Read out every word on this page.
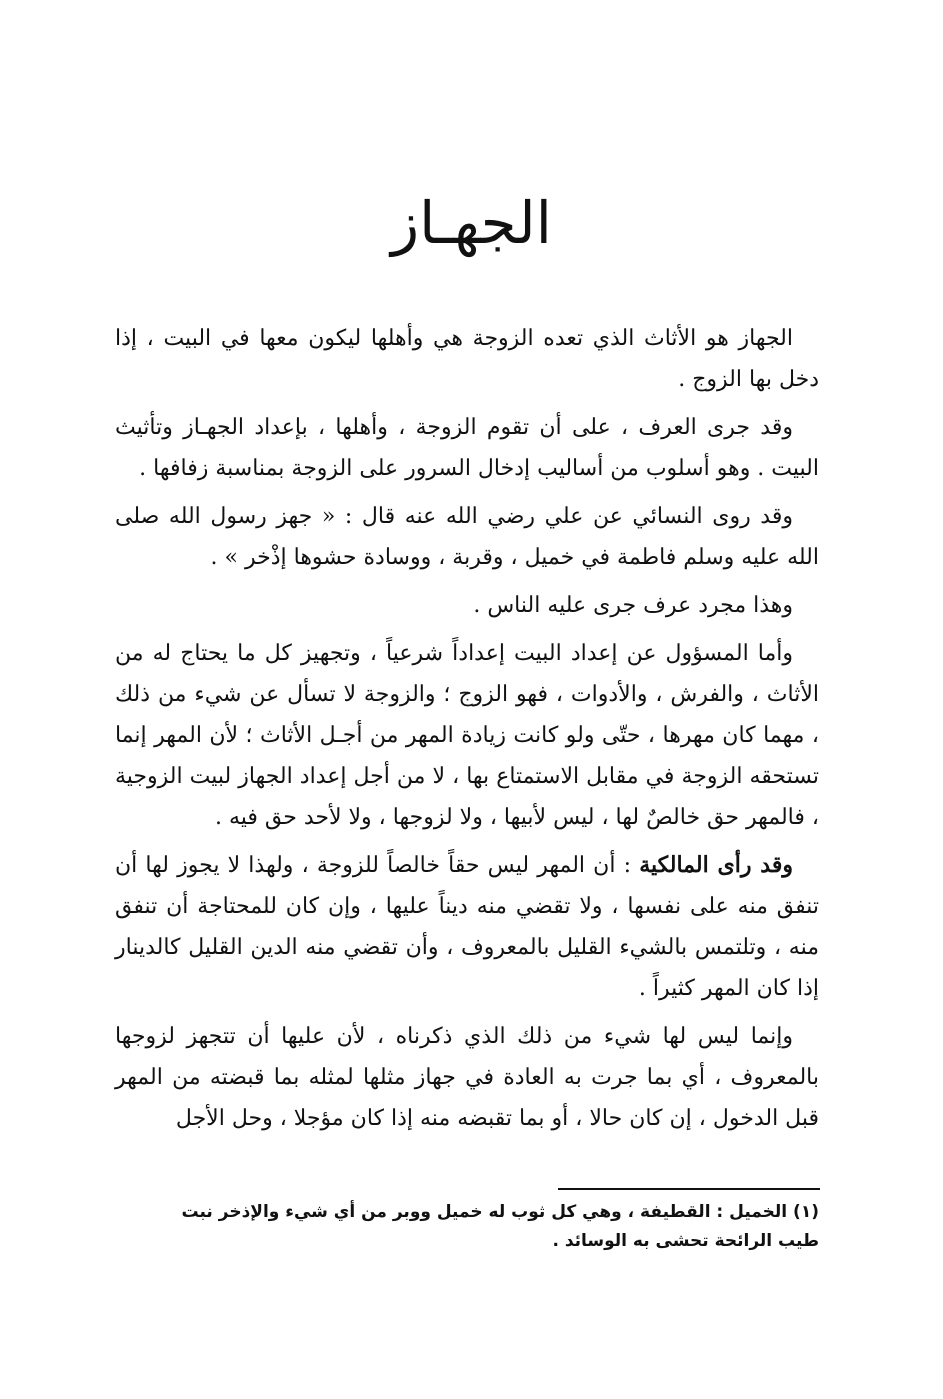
الجهـاز

الجهاز هو الأثاث الذي تعده الزوجة هي وأهلها ليكون معها في البيت ، إذا دخل بها الزوج .

وقد جرى العرف ، على أن تقوم الزوجة ، وأهلها ، بإعداد الجهـاز وتأثيث البيت . وهو أسلوب من أساليب إدخال السرور على الزوجة بمناسبة زفافها .

وقد روى النسائي عن علي رضي الله عنه قال : « جهز رسول الله صلى الله عليه وسلم فاطمة في خميل ، وقربة ، ووسادة حشوها إذْخر » .

وهذا مجرد عرف جرى عليه الناس .

وأما المسؤول عن إعداد البيت إعداداً شرعياً ، وتجهيز كل ما يحتاج له من الأثاث ، والفرش ، والأدوات ، فهو الزوج ؛ والزوجة لا تسأل عن شيء من ذلك ، مهما كان مهرها ، حتّى ولو كانت زيادة المهر من أجـل الأثاث ؛ لأن المهر إنما تستحقه الزوجة في مقابل الاستمتاع بها ، لا من أجل إعداد الجهاز لبيت الزوجية ، فالمهر حق خالصٌ لها ، ليس لأبيها ، ولا لزوجها ، ولا لأحد حق فيه .

وقد رأى المالكية : أن المهر ليس حقاً خالصاً للزوجة ، ولهذا لا يجوز لها أن تنفق منه على نفسها ، ولا تقضي منه ديناً عليها ، وإن كان للمحتاجة أن تنفق منه ، وتلتمس بالشيء القليل بالمعروف ، وأن تقضي منه الدين القليل كالدينار إذا كان المهر كثيراً .

وإنما ليس لها شيء من ذلك الذي ذكرناه ، لأن عليها أن تتجهز لزوجها بالمعروف ، أي بما جرت به العادة في جهاز مثلها لمثله بما قبضته من المهر قبل الدخول ، إن كان حالا ، أو بما تقبضه منه إذا كان مؤجلا ، وحل الأجل

(١) الخميل : القطيفة ، وهي كل ثوب له خميل ووبر من أي شيء والإذخر نبت طيب الرائحة تحشى به الوسائد .
